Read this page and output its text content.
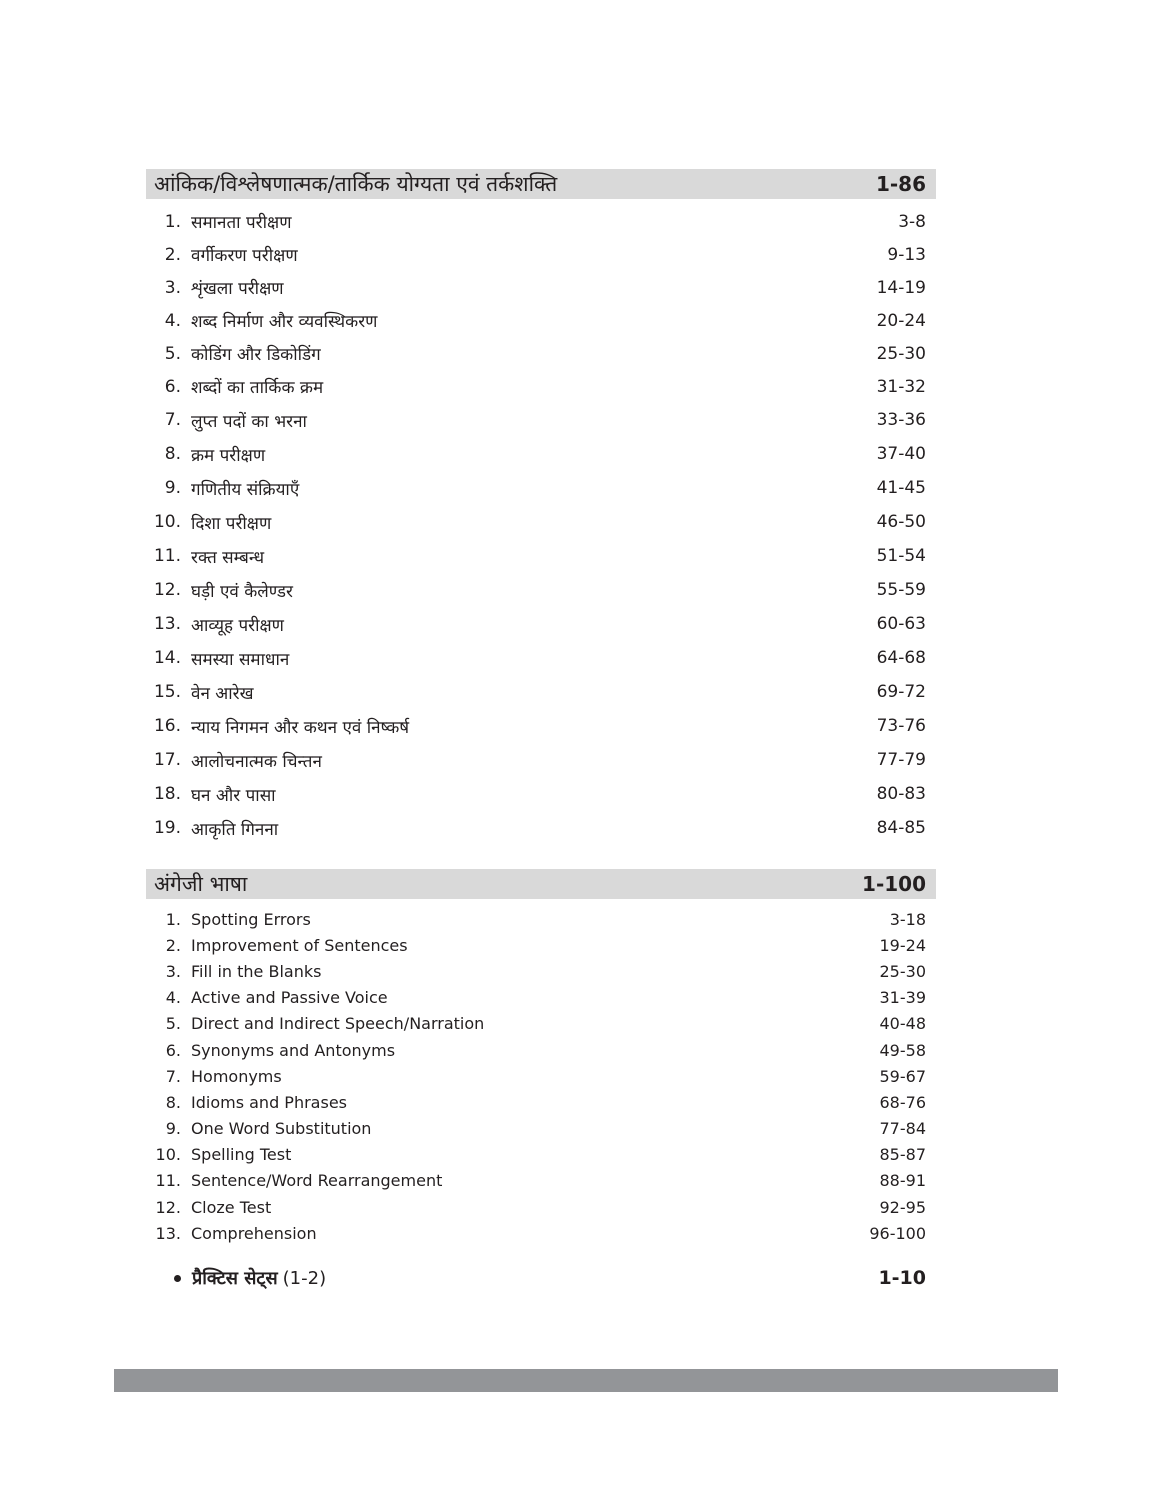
आंकिक/विश्लेषणात्मक/तार्किक योग्यता एवं तर्कशक्ति	1-86
1. समानता परीक्षण	3-8
2. वर्गीकरण परीक्षण	9-13
3. शृंखला परीक्षण	14-19
4. शब्द निर्माण और व्यवस्थिकरण	20-24
5. कोडिंग और डिकोडिंग	25-30
6. शब्दों का तार्किक क्रम	31-32
7. लुप्त पदों का भरना	33-36
8. क्रम परीक्षण	37-40
9. गणितीय संक्रियाएँ	41-45
10. दिशा परीक्षण	46-50
11. रक्त सम्बन्ध	51-54
12. घड़ी एवं कैलेण्डर	55-59
13. आव्यूह परीक्षण	60-63
14. समस्या समाधान	64-68
15. वेन आरेख	69-72
16. न्याय निगमन और कथन एवं निष्कर्ष	73-76
17. आलोचनात्मक चिन्तन	77-79
18. घन और पासा	80-83
19. आकृति गिनना	84-85
अंगेजी भाषा	1-100
1. Spotting Errors	3-18
2. Improvement of Sentences	19-24
3. Fill in the Blanks	25-30
4. Active and Passive Voice	31-39
5. Direct and Indirect Speech/Narration	40-48
6. Synonyms and Antonyms	49-58
7. Homonyms	59-67
8. Idioms and Phrases	68-76
9. One Word Substitution	77-84
10. Spelling Test	85-87
11. Sentence/Word Rearrangement	88-91
12. Cloze Test	92-95
13. Comprehension	96-100
प्रैक्टिस सेट्स (1-2)	1-10
